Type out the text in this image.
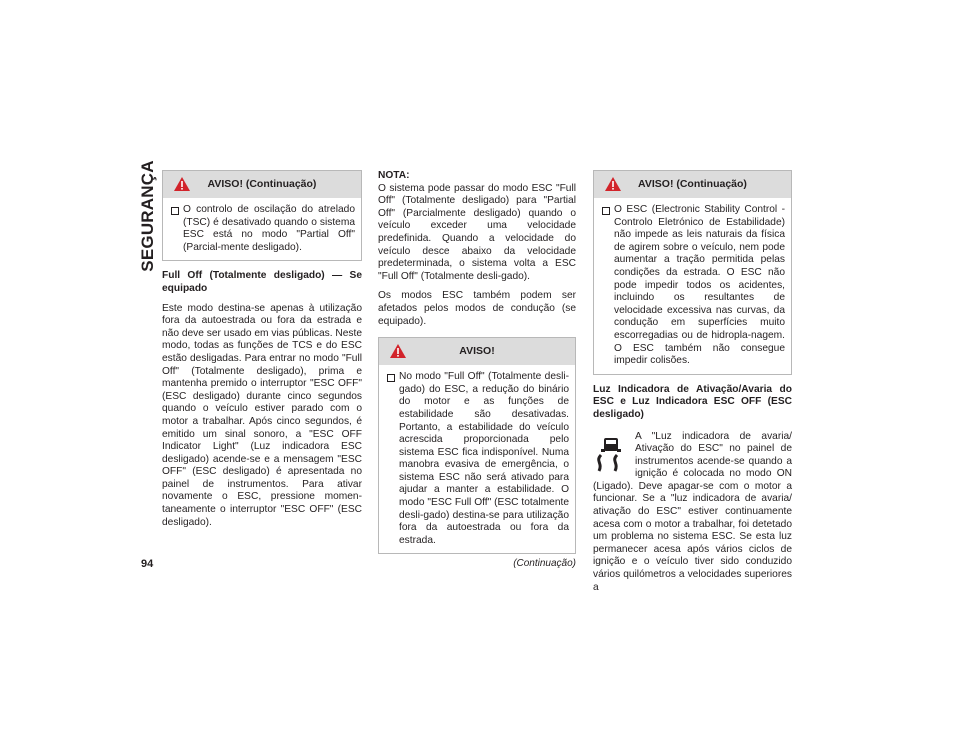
SEGURANÇA
94
AVISO! (Continuação)
O controlo de oscilação do atrelado (TSC) é desativado quando o sistema ESC está no modo "Partial Off" (Parcial-mente desligado).

Full Off (Totalmente desligado) — Se equipado

Este modo destina-se apenas à utilização fora da autoestrada ou fora da estrada e não deve ser usado em vias públicas. Neste modo, todas as funções de TCS e do ESC estão desligadas. Para entrar no modo "Full Off" (Totalmente desligado), prima e mantenha premido o interruptor "ESC OFF" (ESC desligado) durante cinco segundos quando o veículo estiver parado com o motor a trabalhar. Após cinco segundos, é emitido um sinal sonoro, a "ESC OFF Indicator Light" (Luz indicadora ESC desligado) acende-se e a mensagem "ESC OFF" (ESC desligado) é apresentada no painel de instrumentos. Para ativar novamente o ESC, pressione momen-taneamente o interruptor "ESC OFF" (ESC desligado).

NOTA:

O sistema pode passar do modo ESC "Full Off" (Totalmente desligado) para "Partial Off" (Parcialmente desligado) quando o veículo exceder uma velocidade predefinida. Quando a velocidade do veículo desce abaixo da velocidade predeterminada, o sistema volta a ESC "Full Off" (Totalmente desli-gado).

Os modos ESC também podem ser afetados pelos modos de condução (se equipado).

AVISO!
No modo "Full Off" (Totalmente desli-gado) do ESC, a redução do binário do motor e as funções de estabilidade são desativadas. Portanto, a estabilidade do veículo acrescida proporcionada pelo sistema ESC fica indisponível. Numa manobra evasiva de emergência, o sistema ESC não será ativado para ajudar a manter a estabilidade. O modo "ESC Full Off" (ESC totalmente desli-gado) destina-se para utilização fora da autoestrada ou fora da estrada.
(Continuação)
AVISO! (Continuação)
O ESC (Electronic Stability Control - Controlo Eletrónico de Estabilidade) não impede as leis naturais da física de agirem sobre o veículo, nem pode aumentar a tração permitida pelas condições da estrada. O ESC não pode impedir todos os acidentes, incluindo os resultantes de velocidade excessiva nas curvas, da condução em superfícies muito escorregadias ou de hidropla-nagem. O ESC também não consegue impedir colisões.

Luz Indicadora de Ativação/Avaria do ESC e Luz Indicadora ESC OFF (ESC desligado)

A "Luz indicadora de avaria/ Ativação do ESC" no painel de instrumentos acende-se quando a ignição é colocada no modo ON (Ligado). Deve apagar-se com o motor a funcionar. Se a "luz indicadora de avaria/ ativação do ESC" estiver continuamente acesa com o motor a trabalhar, foi detetado um problema no sistema ESC. Se esta luz permanecer acesa após vários ciclos de ignição e o veículo tiver sido conduzido vários quilómetros a velocidades superiores a
